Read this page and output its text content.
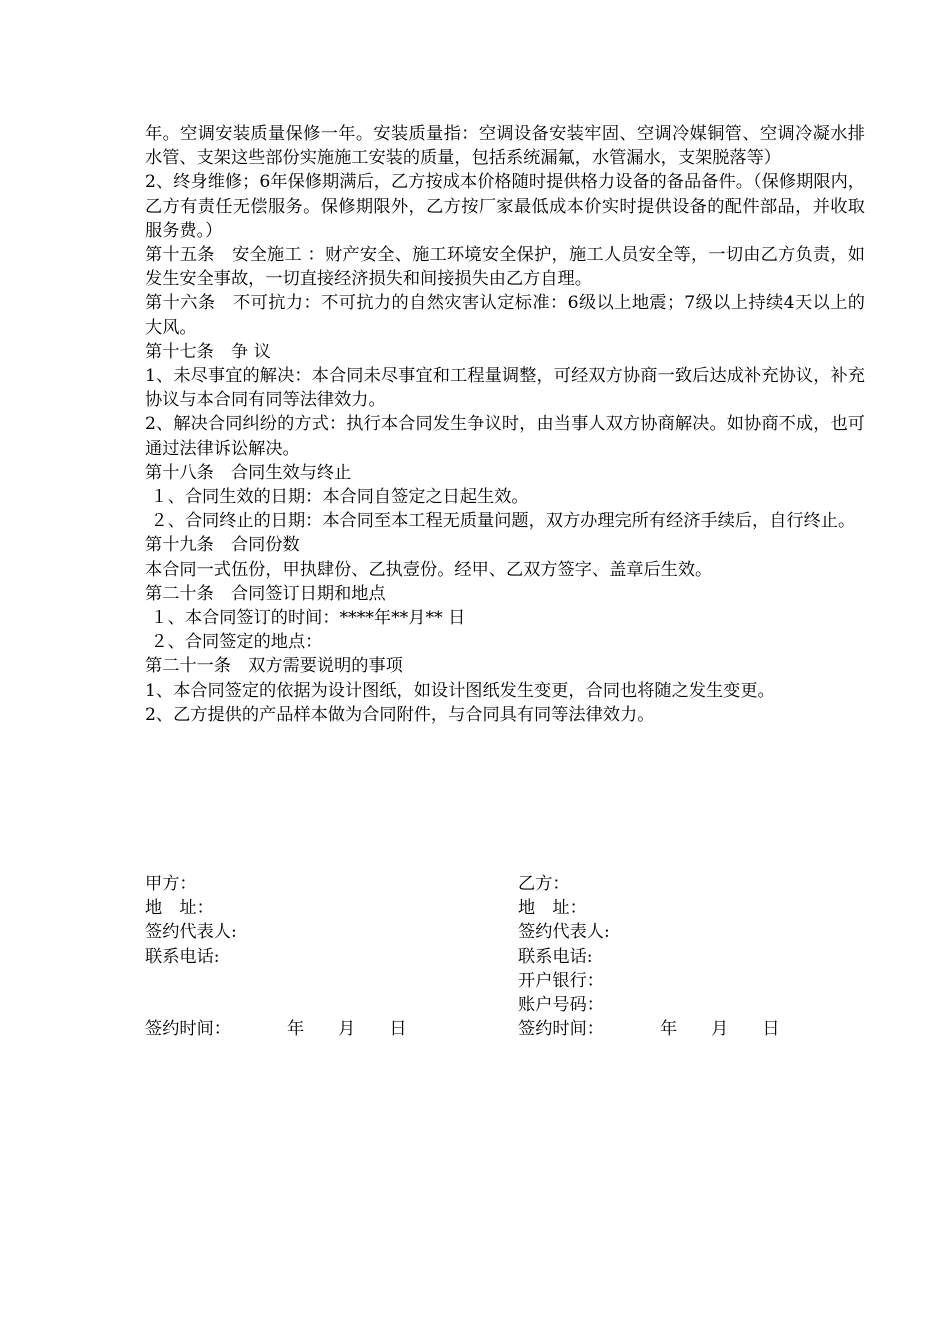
年。空调安装质量保修一年。安装质量指：空调设备安装牢固、空调冷媒铜管、空调冷凝水排水管、支架这些部份实施施工安装的质量，包括系统漏氟，水管漏水，支架脱落等）

2、终身维修；6年保修期满后，乙方按成本价格随时提供格力设备的备品备件。（保修期限内，乙方有责任无偿服务。保修期限外，乙方按厂家最低成本价实时提供设备的配件部品，并收取服务费。）

第十五条　安全施工 ：财产安全、施工环境安全保护，施工人员安全等，一切由乙方负责，如发生安全事故，一切直接经济损失和间接损失由乙方自理。

第十六条　不可抗力：不可抗力的自然灾害认定标准：6级以上地震；7级以上持续4天以上的大风。

第十七条　争 议

1、未尽事宜的解决：本合同未尽事宜和工程量调整，可经双方协商一致后达成补充协议，补充协议与本合同有同等法律效力。

2、解决合同纠纷的方式：执行本合同发生争议时，由当事人双方协商解决。如协商不成，也可通过法律诉讼解决。

第十八条　合同生效与终止

１、合同生效的日期：本合同自签定之日起生效。

２、合同终止的日期：本合同至本工程无质量问题，双方办理完所有经济手续后，自行终止。

第十九条　合同份数

本合同一式伍份，甲执肆份、乙执壹份。经甲、乙双方签字、盖章后生效。

第二十条　合同签订日期和地点

１、本合同签订的时间：****年**月** 日

２、合同签定的地点：

第二十一条　双方需要说明的事项

1、本合同签定的依据为设计图纸，如设计图纸发生变更，合同也将随之发生变更。

2、乙方提供的产品样本做为合同附件，与合同具有同等法律效力。

甲方：
地　址：
签约代表人:
联系电话:
签约时间：	年 月 日
乙方：
地　址：
签约代表人:
联系电话:
开户银行：
账户号码：
签约时间：	年 月 日
